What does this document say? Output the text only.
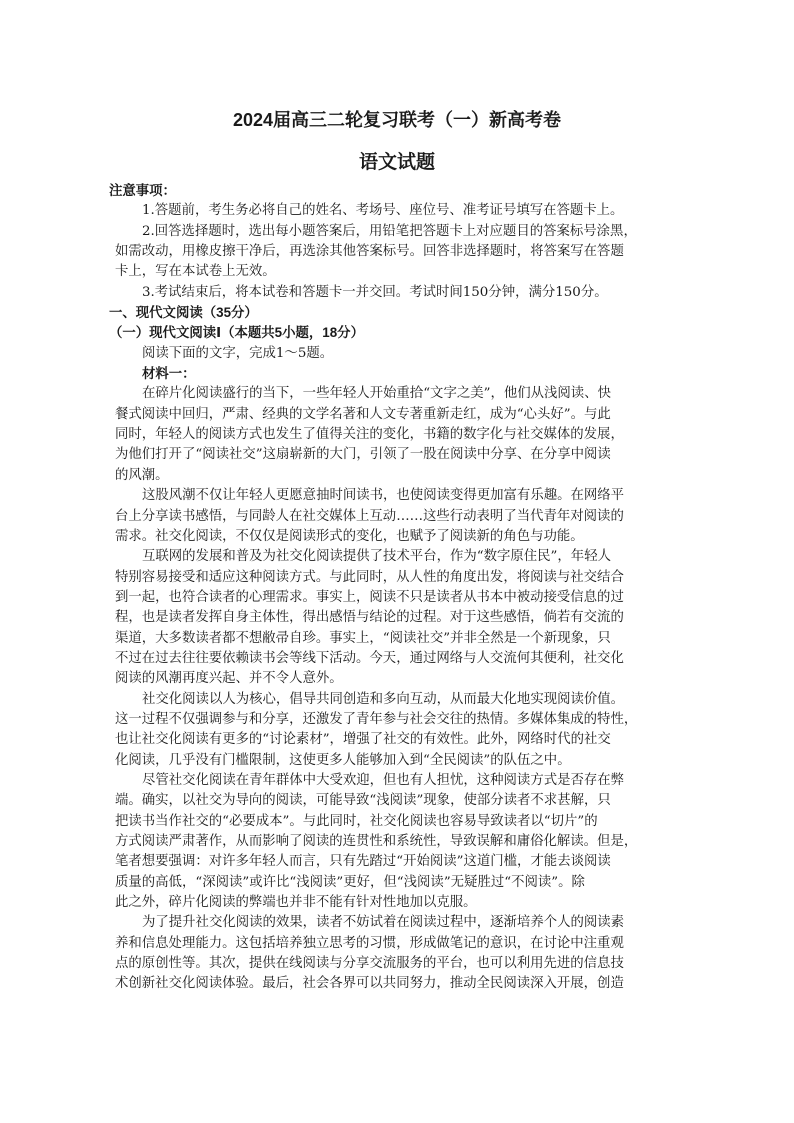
2024届高三二轮复习联考（一）新高考卷
语文试题
注意事项：
1.答题前，考生务必将自己的姓名、考场号、座位号、准考证号填写在答题卡上。
2.回答选择题时，选出每小题答案后，用铅笔把答题卡上对应题目的答案标号涂黑，
如需改动，用橡皮擦干净后，再选涂其他答案标号。回答非选择题时，将答案写在答题
卡上，写在本试卷上无效。
3.考试结束后，将本试卷和答题卡一并交回。考试时间150分钟，满分150分。
一、现代文阅读（35分）
（一）现代文阅读Ⅰ（本题共5小题，18分）
阅读下面的文字，完成1～5题。
材料一：
在碎片化阅读盛行的当下，一些年轻人开始重拾“文字之美”，他们从浅阅读、快
餐式阅读中回归，严肃、经典的文学名著和人文专著重新走红，成为“心头好”。与此
同时，年轻人的阅读方式也发生了值得关注的变化，书籍的数字化与社交媒体的发展，
为他们打开了“阅读社交”这扇崭新的大门，引领了一股在阅读中分享、在分享中阅读
的风潮。
这股风潮不仅让年轻人更愿意抽时间读书，也使阅读变得更加富有乐趣。在网络平
台上分享读书感悟，与同龄人在社交媒体上互动……这些行动表明了当代青年对阅读的
需求。社交化阅读，不仅仅是阅读形式的变化，也赋予了阅读新的角色与功能。
互联网的发展和普及为社交化阅读提供了技术平台，作为“数字原住民”，年轻人
特别容易接受和适应这种阅读方式。与此同时，从人性的角度出发，将阅读与社交结合
到一起，也符合读者的心理需求。事实上，阅读不只是读者从书本中被动接受信息的过
程，也是读者发挥自身主体性，得出感悟与结论的过程。对于这些感悟，倘若有交流的
渠道，大多数读者都不想敝帚自珍。事实上，“阅读社交”并非全然是一个新现象，只
不过在过去往往要依赖读书会等线下活动。今天，通过网络与人交流何其便利，社交化
阅读的风潮再度兴起、并不令人意外。
社交化阅读以人为核心，倡导共同创造和多向互动，从而最大化地实现阅读价值。
这一过程不仅强调参与和分享，还激发了青年参与社会交往的热情。多媒体集成的特性，
也让社交化阅读有更多的“讨论素材”，增强了社交的有效性。此外，网络时代的社交
化阅读，几乎没有门槛限制，这使更多人能够加入到“全民阅读”的队伍之中。
尽管社交化阅读在青年群体中大受欢迎，但也有人担忧，这种阅读方式是否存在弊
端。确实，以社交为导向的阅读，可能导致“浅阅读”现象，使部分读者不求甚解，只
把读书当作社交的“必要成本”。与此同时，社交化阅读也容易导致读者以“切片”的
方式阅读严肃著作，从而影响了阅读的连贯性和系统性，导致误解和庸俗化解读。但是，
笔者想要强调：对许多年轻人而言，只有先踏过“开始阅读”这道门槛，才能去谈阅读
质量的高低，“深阅读”或许比“浅阅读”更好，但“浅阅读”无疑胜过“不阅读”。除
此之外，碎片化阅读的弊端也并非不能有针对性地加以克服。
为了提升社交化阅读的效果，读者不妨试着在阅读过程中，逐渐培养个人的阅读素
养和信息处理能力。这包括培养独立思考的习惯，形成做笔记的意识，在讨论中注重观
点的原创性等。其次，提供在线阅读与分享交流服务的平台，也可以利用先进的信息技
术创新社交化阅读体验。最后，社会各界可以共同努力，推动全民阅读深入开展，创造
